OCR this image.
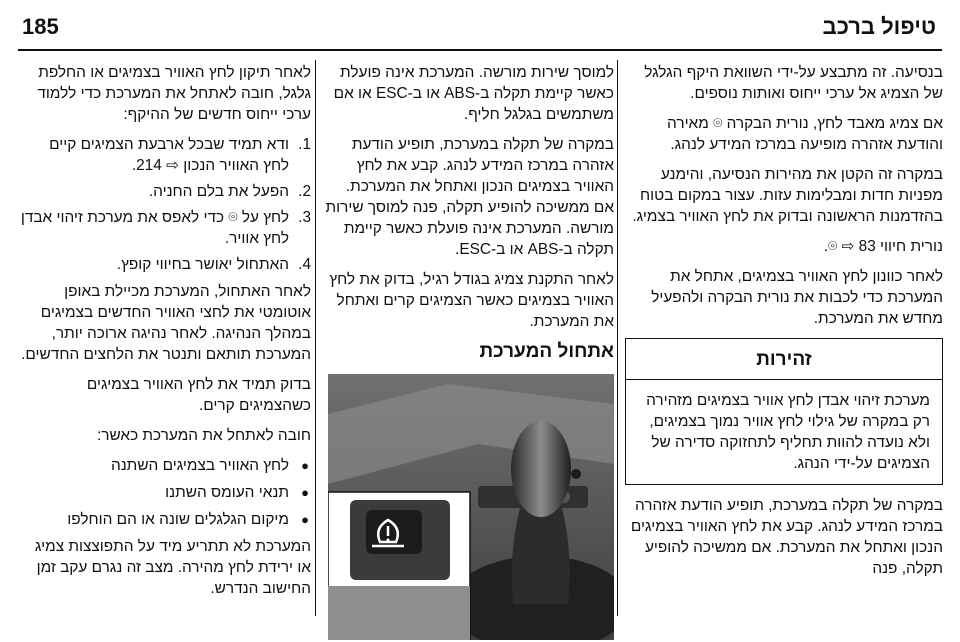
185	טיפול ברכב

בנסיעה. זה מתבצע על-ידי השוואת היקף הגלגל של הצמיג אל ערכי ייחוס ואותות נוספים.

אם צמיג מאבד לחץ, נורית הבקרה ⌾ מאירה והודעת אזהרה מופיעה במרכז המידע לנהג.

במקרה זה הקטן את מהירות הנסיעה, והימנע מפניות חדות ומבלימות עזות. עצור במקום בטוח בהזדמנות הראשונה ובדוק את לחץ האוויר בצמיג.

נורית חיווי ⌾ ⇨ 83.

לאחר כוונון לחץ האוויר בצמיגים, אתחל את המערכת כדי לכבות את נורית הבקרה ולהפעיל מחדש את המערכת.

זהירות
מערכת זיהוי אבדן לחץ אוויר בצמיגים מזהירה רק במקרה של גילוי לחץ אוויר נמוך בצמיגים, ולא נועדה להוות תחליף לתחזוקה סדירה של הצמיגים על-ידי הנהג.

במקרה של תקלה במערכת, תופיע הודעת אזהרה במרכז המידע לנהג. קבע את לחץ האוויר בצמיגים הנכון ואתחל את המערכת. אם ממשיכה להופיע תקלה, פנה

למוסך שירות מורשה. המערכת אינה פועלת כאשר קיימת תקלה ב-ABS או ב-ESC או אם משתמשים בגלגל חליף.

במקרה של תקלה במערכת, תופיע הודעת אזהרה במרכז המידע לנהג. קבע את לחץ האוויר בצמיגים הנכון ואתחל את המערכת. אם ממשיכה להופיע תקלה, פנה למוסך שירות מורשה. המערכת אינה פועלת כאשר קיימת תקלה ב-ABS או ב-ESC.

לאחר התקנת צמיג בגודל רגיל, בדוק את לחץ האוויר בצמיגים כאשר הצמיגים קרים ואתחל את המערכת.

אתחול המערכת

לאחר תיקון לחץ האוויר בצמיגים או החלפת גלגל, חובה לאתחל את המערכת כדי ללמוד ערכי ייחוס חדשים של ההיקף:

1.
ודא תמיד שבכל ארבעת הצמיגים קיים לחץ האוויר הנכון ⇨ 214.
2.
הפעל את בלם החניה.
3.
לחץ על ⌾ כדי לאפס את מערכת זיהוי אבדן לחץ אוויר.
4.
האתחול יאושר בחיווי קופץ.

לאחר האתחול, המערכת מכיילת באופן אוטומטי את לחצי האוויר החדשים בצמיגים במהלך הנהיגה. לאחר נהיגה ארוכה יותר, המערכת תותאם ותנטר את הלחצים החדשים.

בדוק תמיד את לחץ האוויר בצמיגים כשהצמיגים קרים.

חובה לאתחל את המערכת כאשר:

● לחץ האוויר בצמיגים השתנה
● תנאי העומס השתנו
● מיקום הגלגלים שונה או הם הוחלפו

המערכת לא תתריע מיד על התפוצצות צמיג או ירידת לחץ מהירה. מצב זה נגרם עקב זמן החישוב הנדרש.
